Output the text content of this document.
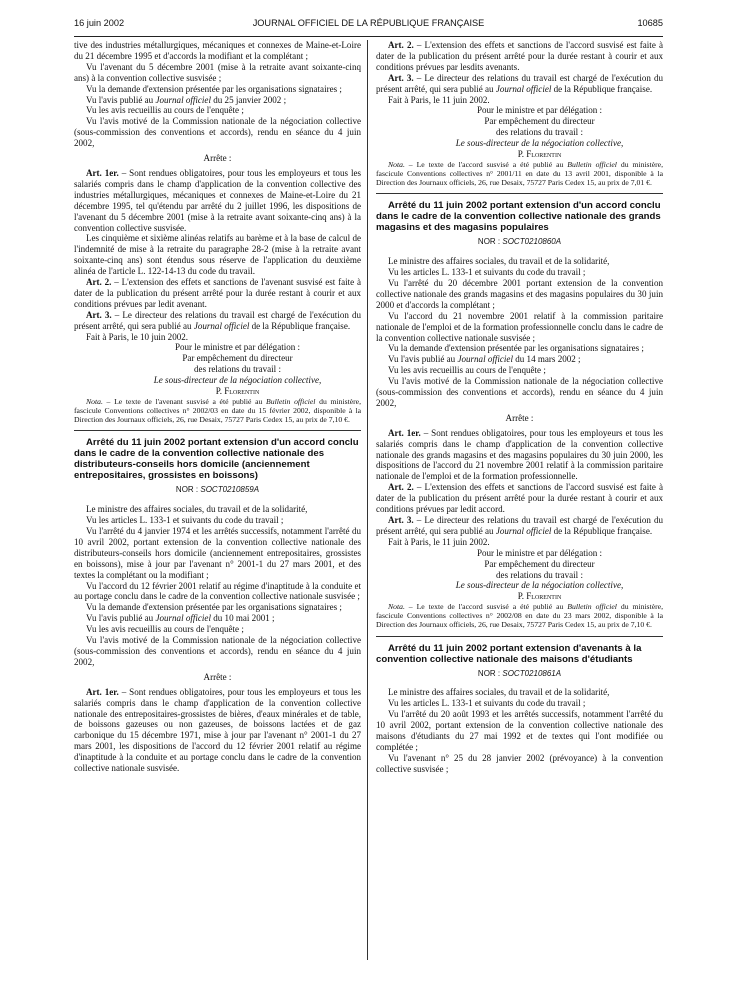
16 juin 2002	JOURNAL OFFICIEL DE LA RÉPUBLIQUE FRANÇAISE	10685

tive des industries métallurgiques, mécaniques et connexes de Maine-et-Loire du 21 décembre 1995 et d'accords la modifiant et la complétant ;

Vu l'avenant du 5 décembre 2001 (mise à la retraite avant soixante-cinq ans) à la convention collective susvisée ;

Vu la demande d'extension présentée par les organisations signataires ;

Vu l'avis publié au Journal officiel du 25 janvier 2002 ;

Vu les avis recueillis au cours de l'enquête ;

Vu l'avis motivé de la Commission nationale de la négociation collective (sous-commission des conventions et accords), rendu en séance du 4 juin 2002,

Arrête :

Art. 1er. – Sont rendues obligatoires, pour tous les employeurs et tous les salariés compris dans le champ d'application de la convention collective des industries métallurgiques, mécaniques et connexes de Maine-et-Loire du 21 décembre 1995, tel qu'étendu par arrêté du 2 juillet 1996, les dispositions de l'avenant du 5 décembre 2001 (mise à la retraite avant soixante-cinq ans) à la convention collective susvisée.

Les cinquième et sixième alinéas relatifs au barème et à la base de calcul de l'indemnité de mise à la retraite du paragraphe 28-2 (mise à la retraite avant soixante-cinq ans) sont étendus sous réserve de l'application du deuxième alinéa de l'article L. 122-14-13 du code du travail.

Art. 2. – L'extension des effets et sanctions de l'avenant susvisé est faite à dater de la publication du présent arrêté pour la durée restant à courir et aux conditions prévues par ledit avenant.

Art. 3. – Le directeur des relations du travail est chargé de l'exécution du présent arrêté, qui sera publié au Journal officiel de la République française.

Fait à Paris, le 10 juin 2002.

Pour le ministre et par délégation :
Par empêchement du directeur
des relations du travail :
Le sous-directeur de la négociation collective,
P. Florentin

Nota. – Le texte de l'avenant susvisé a été publié au Bulletin officiel du ministère, fascicule Conventions collectives n° 2002/03 en date du 15 février 2002, disponible à la Direction des Journaux officiels, 26, rue Desaix, 75727 Paris Cedex 15, au prix de 7,10 €.

Arrêté du 11 juin 2002 portant extension d'un accord conclu dans le cadre de la convention collective nationale des distributeurs-conseils hors domicile (anciennement entrepositaires, grossistes en boissons)

NOR : SOCT0210859A

Le ministre des affaires sociales, du travail et de la solidarité,

Vu les articles L. 133-1 et suivants du code du travail ;

Vu l'arrêté du 4 janvier 1974 et les arrêtés successifs, notamment l'arrêté du 10 avril 2002, portant extension de la convention collective nationale des distributeurs-conseils hors domicile (anciennement entrepositaires, grossistes en boissons), mise à jour par l'avenant n° 2001-1 du 27 mars 2001, et des textes la complétant ou la modifiant ;

Vu l'accord du 12 février 2001 relatif au régime d'inaptitude à la conduite et au portage conclu dans le cadre de la convention collective nationale susvisée ;

Vu la demande d'extension présentée par les organisations signataires ;

Vu l'avis publié au Journal officiel du 10 mai 2001 ;

Vu les avis recueillis au cours de l'enquête ;

Vu l'avis motivé de la Commission nationale de la négociation collective (sous-commission des conventions et accords), rendu en séance du 4 juin 2002,

Arrête :

Art. 1er. – Sont rendues obligatoires, pour tous les employeurs et tous les salariés compris dans le champ d'application de la convention collective nationale des entrepositaires-grossistes de bières, d'eaux minérales et de table, de boissons gazeuses ou non gazeuses, de boissons lactées et de gaz carbonique du 15 décembre 1971, mise à jour par l'avenant n° 2001-1 du 27 mars 2001, les dispositions de l'accord du 12 février 2001 relatif au régime d'inaptitude à la conduite et au portage conclu dans le cadre de la convention collective nationale susvisée.

Art. 2. – L'extension des effets et sanctions de l'accord susvisé est faite à dater de la publication du présent arrêté pour la durée restant à courir et aux conditions prévues par lesdits avenants.

Art. 3. – Le directeur des relations du travail est chargé de l'exécution du présent arrêté, qui sera publié au Journal officiel de la République française.

Fait à Paris, le 11 juin 2002.

Pour le ministre et par délégation :
Par empêchement du directeur
des relations du travail :
Le sous-directeur de la négociation collective,
P. Florentin

Nota. – Le texte de l'accord susvisé a été publié au Bulletin officiel du ministère, fascicule Conventions collectives n° 2001/11 en date du 13 avril 2001, disponible à la Direction des Journaux officiels, 26, rue Desaix, 75727 Paris Cedex 15, au prix de 7,01 €.

Arrêté du 11 juin 2002 portant extension d'un accord conclu dans le cadre de la convention collective nationale des grands magasins et des magasins populaires

NOR : SOCT0210860A

Le ministre des affaires sociales, du travail et de la solidarité,

Vu les articles L. 133-1 et suivants du code du travail ;

Vu l'arrêté du 20 décembre 2001 portant extension de la convention collective nationale des grands magasins et des magasins populaires du 30 juin 2000 et d'accords la complétant ;

Vu l'accord du 21 novembre 2001 relatif à la commission paritaire nationale de l'emploi et de la formation professionnelle conclu dans le cadre de la convention collective nationale susvisée ;

Vu la demande d'extension présentée par les organisations signataires ;

Vu l'avis publié au Journal officiel du 14 mars 2002 ;

Vu les avis recueillis au cours de l'enquête ;

Vu l'avis motivé de la Commission nationale de la négociation collective (sous-commission des conventions et accords), rendu en séance du 4 juin 2002,

Arrête :

Art. 1er. – Sont rendues obligatoires, pour tous les employeurs et tous les salariés compris dans le champ d'application de la convention collective nationale des grands magasins et des magasins populaires du 30 juin 2000, les dispositions de l'accord du 21 novembre 2001 relatif à la commission paritaire nationale de l'emploi et de la formation professionnelle.

Art. 2. – L'extension des effets et sanctions de l'accord susvisé est faite à dater de la publication du présent arrêté pour la durée restant à courir et aux conditions prévues par ledit accord.

Art. 3. – Le directeur des relations du travail est chargé de l'exécution du présent arrêté, qui sera publié au Journal officiel de la République française.

Fait à Paris, le 11 juin 2002.

Pour le ministre et par délégation :
Par empêchement du directeur
des relations du travail :
Le sous-directeur de la négociation collective,
P. Florentin

Nota. – Le texte de l'accord susvisé a été publié au Bulletin officiel du ministère, fascicule Conventions collectives n° 2002/08 en date du 23 mars 2002, disponible à la Direction des Journaux officiels, 26, rue Desaix, 75727 Paris Cedex 15, au prix de 7,10 €.

Arrêté du 11 juin 2002 portant extension d'avenants à la convention collective nationale des maisons d'étudiants

NOR : SOCT0210861A

Le ministre des affaires sociales, du travail et de la solidarité,

Vu les articles L. 133-1 et suivants du code du travail ;

Vu l'arrêté du 20 août 1993 et les arrêtés successifs, notamment l'arrêté du 10 avril 2002, portant extension de la convention collective nationale des maisons d'étudiants du 27 mai 1992 et de textes qui l'ont modifiée ou complétée ;

Vu l'avenant n° 25 du 28 janvier 2002 (prévoyance) à la convention collective susvisée ;
